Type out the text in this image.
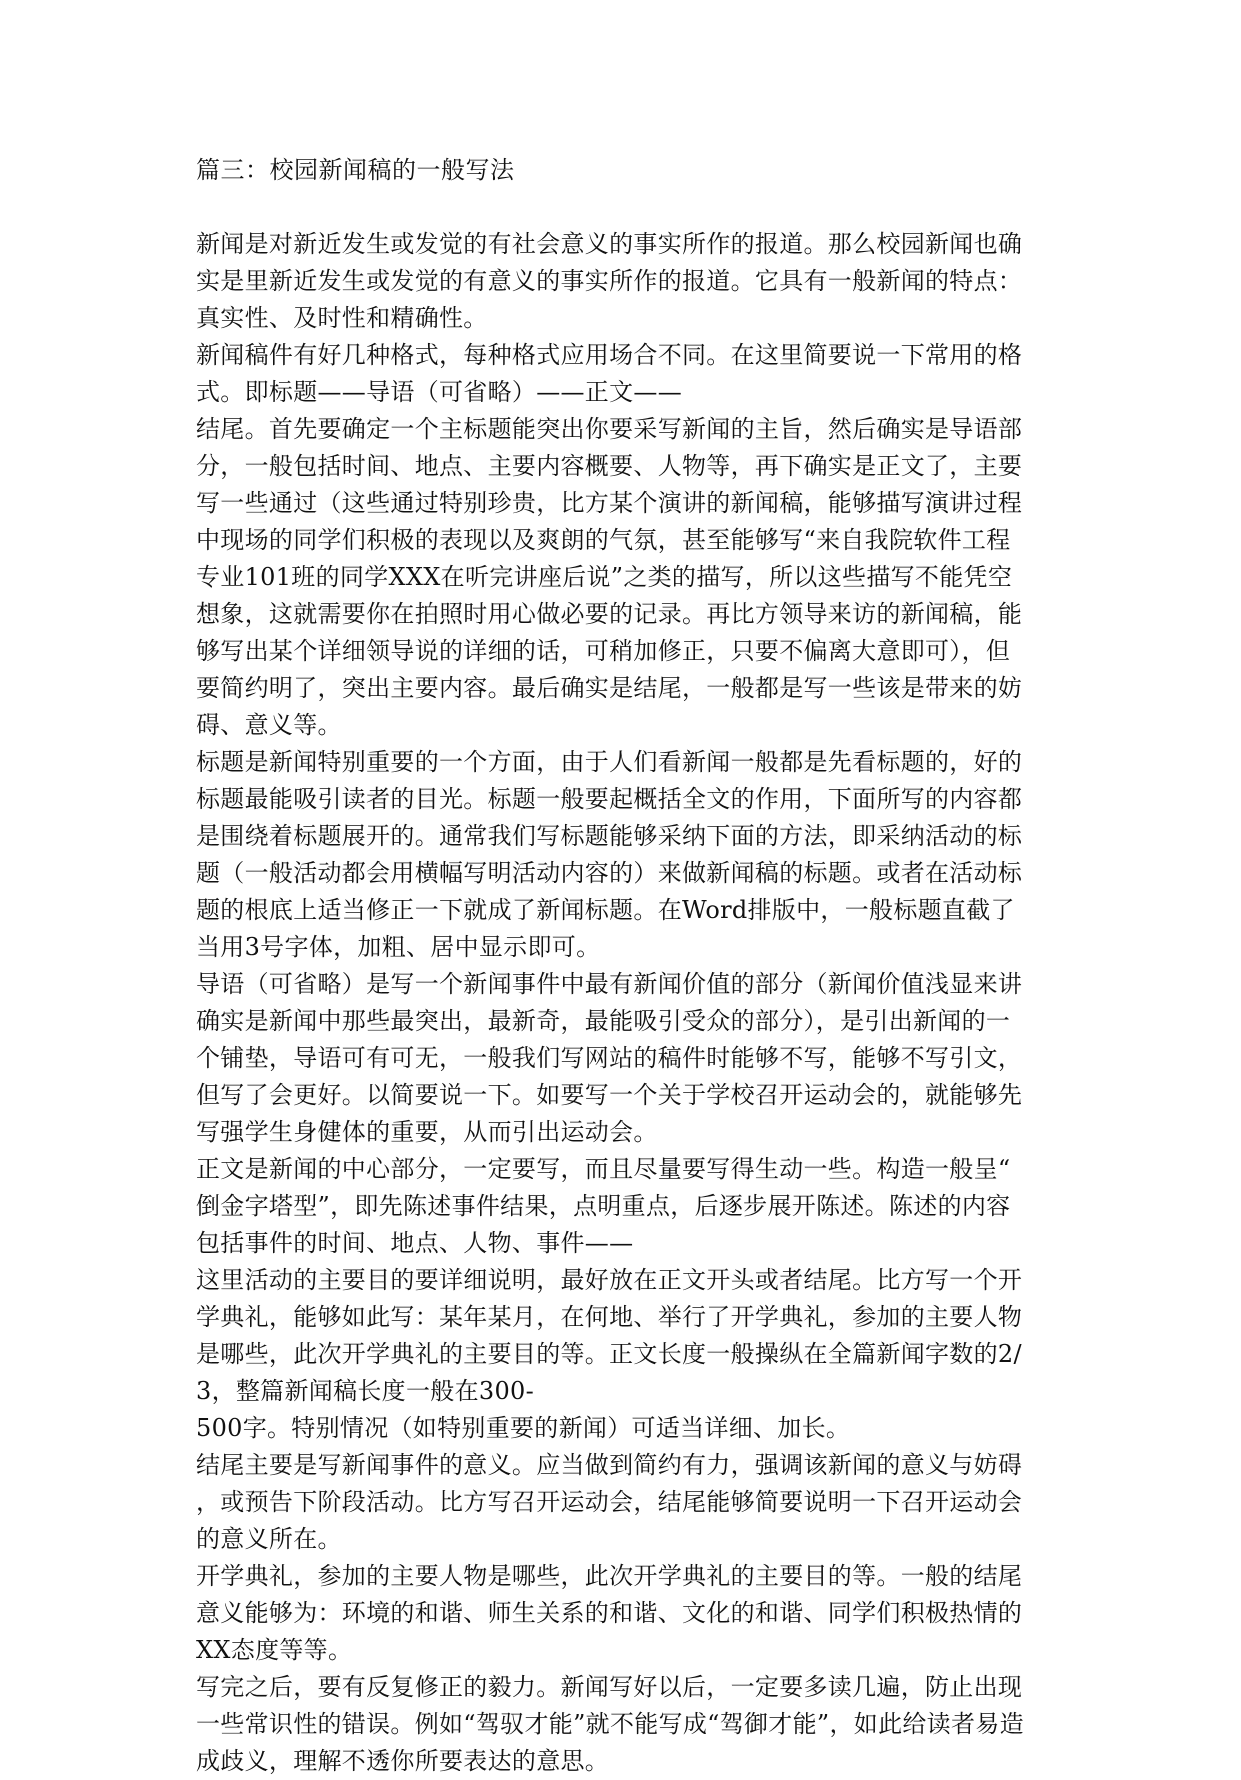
篇三：校园新闻稿的一般写法
新闻是对新近发生或发觉的有社会意义的事实所作的报道。那么校园新闻也确
实是里新近发生或发觉的有意义的事实所作的报道。它具有一般新闻的特点：
真实性、及时性和精确性。
新闻稿件有好几种格式，每种格式应用场合不同。在这里简要说一下常用的格
式。即标题——导语（可省略）——正文——
结尾。首先要确定一个主标题能突出你要采写新闻的主旨，然后确实是导语部
分，一般包括时间、地点、主要内容概要、人物等，再下确实是正文了，主要
写一些通过（这些通过特别珍贵，比方某个演讲的新闻稿，能够描写演讲过程
中现场的同学们积极的表现以及爽朗的气氛，甚至能够写“来自我院软件工程
专业101班的同学XXX在听完讲座后说”之类的描写，所以这些描写不能凭空
想象，这就需要你在拍照时用心做必要的记录。再比方领导来访的新闻稿，能
够写出某个详细领导说的详细的话，可稍加修正，只要不偏离大意即可），但
要简约明了，突出主要内容。最后确实是结尾，一般都是写一些该是带来的妨
碍、意义等。
标题是新闻特别重要的一个方面，由于人们看新闻一般都是先看标题的，好的
标题最能吸引读者的目光。标题一般要起概括全文的作用，下面所写的内容都
是围绕着标题展开的。通常我们写标题能够采纳下面的方法，即采纳活动的标
题（一般活动都会用横幅写明活动内容的）来做新闻稿的标题。或者在活动标
题的根底上适当修正一下就成了新闻标题。在Word排版中，一般标题直截了
当用3号字体，加粗、居中显示即可。
导语（可省略）是写一个新闻事件中最有新闻价值的部分（新闻价值浅显来讲
确实是新闻中那些最突出，最新奇，最能吸引受众的部分），是引出新闻的一
个铺垫，导语可有可无，一般我们写网站的稿件时能够不写，能够不写引文，
但写了会更好。以简要说一下。如要写一个关于学校召开运动会的，就能够先
写强学生身健体的重要，从而引出运动会。
正文是新闻的中心部分，一定要写，而且尽量要写得生动一些。构造一般呈“
倒金字塔型”，即先陈述事件结果，点明重点，后逐步展开陈述。陈述的内容
包括事件的时间、地点、人物、事件——
这里活动的主要目的要详细说明，最好放在正文开头或者结尾。比方写一个开
学典礼，能够如此写：某年某月，在何地、举行了开学典礼，参加的主要人物
是哪些，此次开学典礼的主要目的等。正文长度一般操纵在全篇新闻字数的2/
3，整篇新闻稿长度一般在300-
500字。特别情况（如特别重要的新闻）可适当详细、加长。
结尾主要是写新闻事件的意义。应当做到简约有力，强调该新闻的意义与妨碍
，或预告下阶段活动。比方写召开运动会，结尾能够简要说明一下召开运动会
的意义所在。
开学典礼，参加的主要人物是哪些，此次开学典礼的主要目的等。一般的结尾
意义能够为：环境的和谐、师生关系的和谐、文化的和谐、同学们积极热情的
XX态度等等。
写完之后，要有反复修正的毅力。新闻写好以后，一定要多读几遍，防止出现
一些常识性的错误。例如“驾驭才能”就不能写成“驾御才能”，如此给读者易造
成歧义，理解不透你所要表达的意思。
